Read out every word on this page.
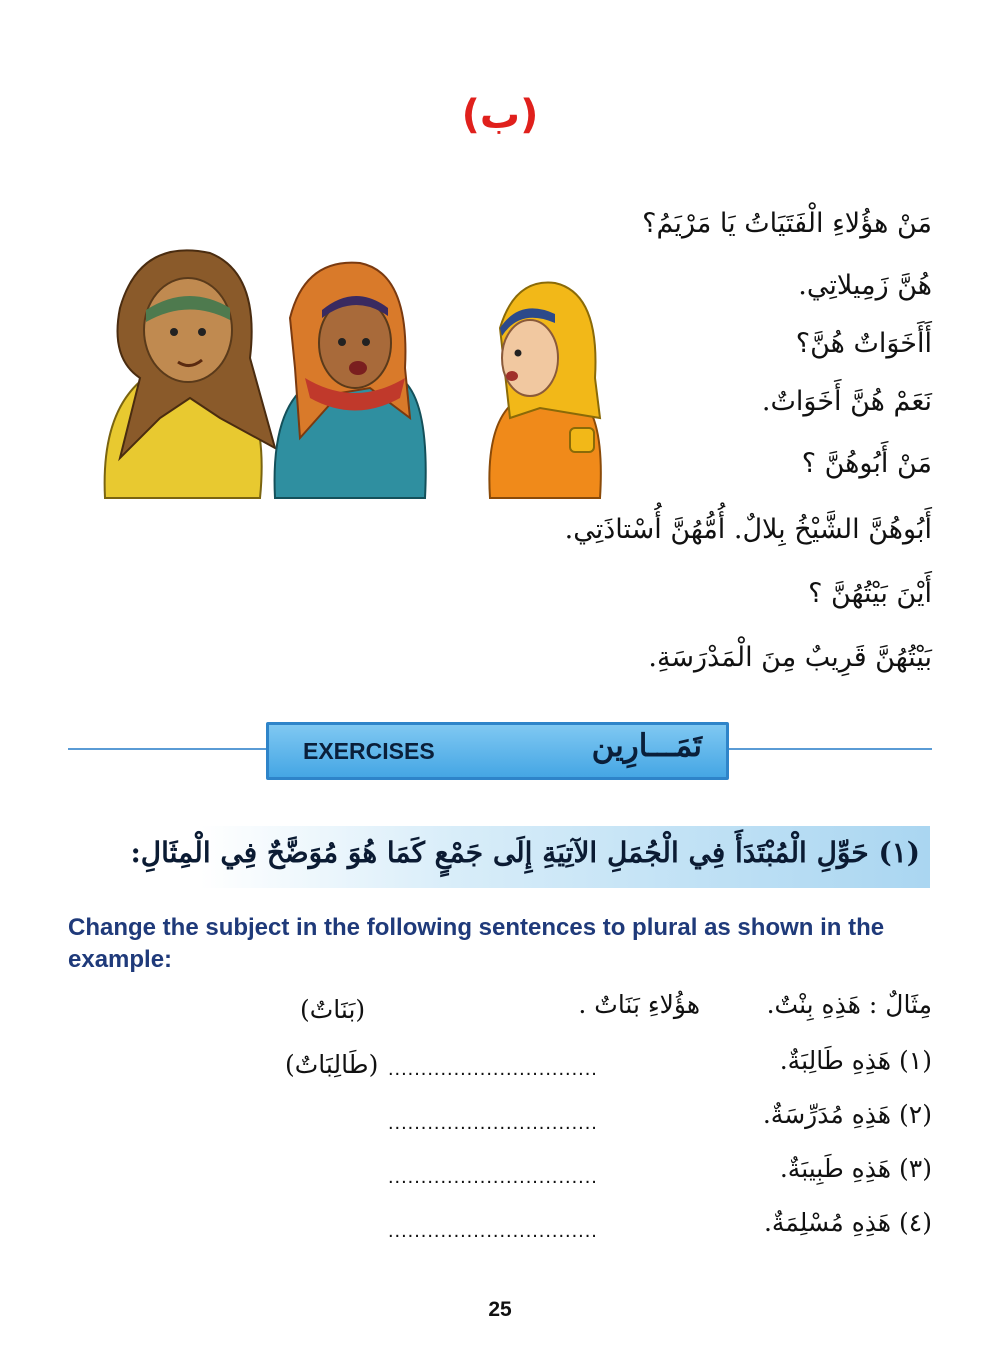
(ب)
مَنْ هؤُلاءِ الْفَتَيَاتُ يَا مَرْيَمُ؟
هُنَّ زَمِيلاتِي.
أَأَخَوَاتٌ هُنَّ؟
نَعَمْ هُنَّ أَخَوَاتٌ.
مَنْ أَبُوهُنَّ ؟
أَبُوهُنَّ الشَّيْخُ بِلالٌ. أُمُّهُنَّ أُسْتاذَتِي.
أَيْنَ بَيْتُهُنَّ ؟
بَيْتُهُنَّ قَرِيبٌ مِنَ الْمَدْرَسَةِ.
EXERCISES	تَمَـــارِين
(١) حَوِّلِ الْمُبْتَدَأَ فِي الْجُمَلِ الآتِيَةِ إِلَى جَمْعٍ كَمَا هُوَ مُوَضَّحٌ فِي الْمِثَالِ:
Change the subject in the following sentences to plural as shown in the example:
مِثَالٌ : هَذِهِ بِنْتٌ.
هؤُلاءِ بَنَاتٌ .
(بَنَاتٌ)
(١) هَذِهِ طَالِبَةٌ.
................................
(طَالِبَاتٌ)
(٢) هَذِهِ مُدَرِّسَةٌ.
................................
(٣) هَذِهِ طَبِيبَةٌ.
................................
(٤) هَذِهِ مُسْلِمَةٌ.
................................
25
